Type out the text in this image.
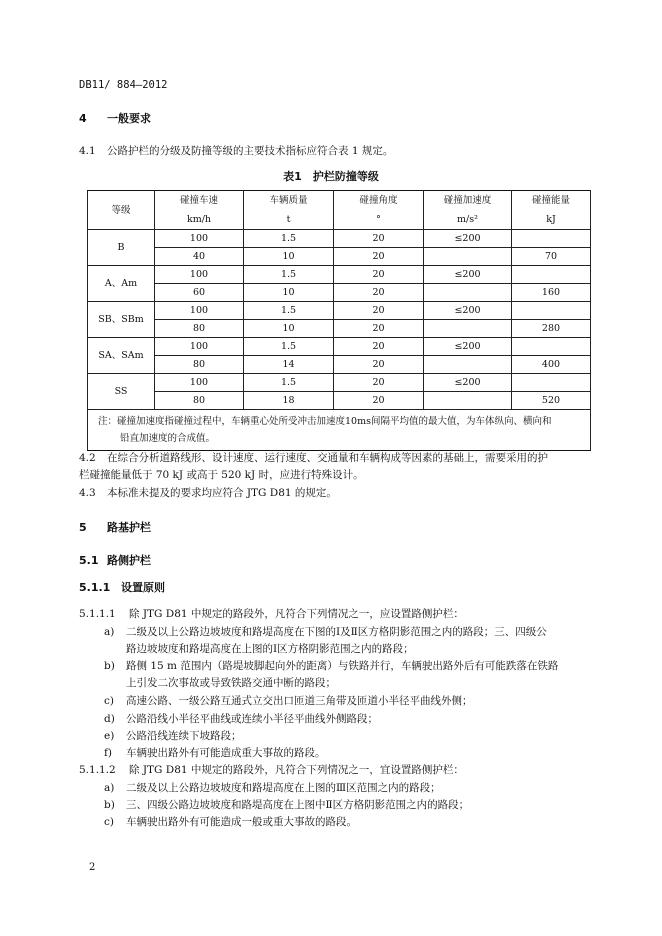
DB11/ 884—2012
4 一般要求
4.1 公路护栏的分级及防撞等级的主要技术指标应符合表 1 规定。
表1　护栏防撞等级
等级	碰撞车速	车辆质量	碰撞角度	碰撞加速度	碰撞能量
	km/h	t	°	m/s²	kJ
B	100	1.5	20	≤200	
	40	10	20		70
A、Am	100	1.5	20	≤200	
	60	10	20		160
SB、SBm	100	1.5	20	≤200	
	80	10	20		280
SA、SAm	100	1.5	20	≤200	
	80	14	20		400
SS	100	1.5	20	≤200	
	80	18	20		520
注：碰撞加速度指碰撞过程中，车辆重心处所受冲击加速度10ms间隔平均值的最大值，为车体纵向、横向和
铅直加速度的合成值。					
4.2 在综合分析道路线形、设计速度、运行速度、交通量和车辆构成等因素的基础上，需要采用的护
栏碰撞能量低于 70 kJ 或高于 520 kJ 时，应进行特殊设计。
4.3 本标准未提及的要求均应符合 JTG D81 的规定。
5 路基护栏
5.1 路侧护栏
5.1.1 设置原则
5.1.1.1 除 JTG D81 中规定的路段外，凡符合下列情况之一，应设置路侧护栏：
a) 二级及以上公路边坡坡度和路堤高度在下图的Ⅰ及Ⅱ区方格阴影范围之内的路段；三、四级公
路边坡坡度和路堤高度在上图的Ⅰ区方格阴影范围之内的路段；
b) 路侧 15 m 范围内（路堤坡脚起向外的距离）与铁路并行，车辆驶出路外后有可能跌落在铁路
上引发二次事故或导致铁路交通中断的路段；
c) 高速公路、一级公路互通式立交出口匝道三角带及匝道小半径平曲线外侧；
d) 公路沿线小半径平曲线或连续小半径平曲线外侧路段；
e) 公路沿线连续下坡路段；
f) 车辆驶出路外有可能造成重大事故的路段。
5.1.1.2 除 JTG D81 中规定的路段外，凡符合下列情况之一，宜设置路侧护栏：
a) 二级及以上公路边坡坡度和路堤高度在上图的Ⅲ区范围之内的路段；
b) 三、四级公路边坡坡度和路堤高度在上图中Ⅱ区方格阴影范围之内的路段；
c) 车辆驶出路外有可能造成一般或重大事故的路段。
2
